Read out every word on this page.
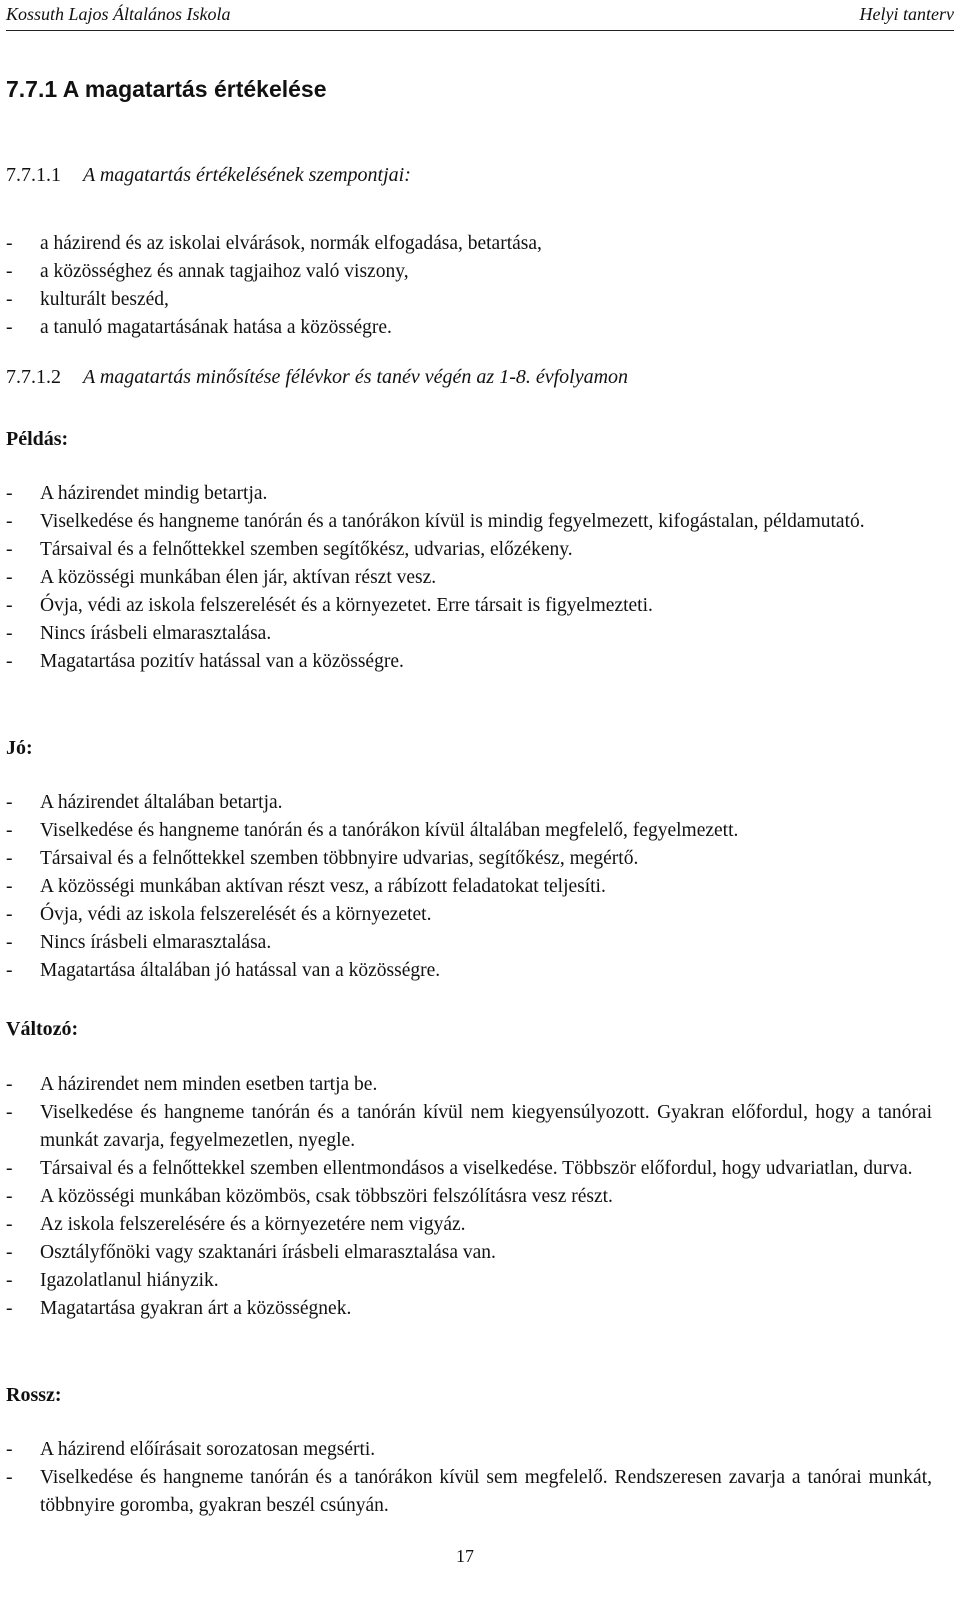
Kossuth Lajos Általános Iskola	Helyi tanterv
7.7.1 A magatartás értékelése
7.7.1.1 A magatartás értékelésének szempontjai:
- a házirend és az iskolai elvárások, normák elfogadása, betartása,
- a közösséghez és annak tagjaihoz való viszony,
- kulturált beszéd,
- a tanuló magatartásának hatása a közösségre.
7.7.1.2 A magatartás minősítése félévkor és tanév végén az 1-8. évfolyamon
Példás:
- A házirendet mindig betartja.
- Viselkedése és hangneme tanórán és a tanórákon kívül is mindig fegyelmezett, kifogástalan, példamutató.
- Társaival és a felnőttekkel szemben segítőkész, udvarias, előzékeny.
- A közösségi munkában élen jár, aktívan részt vesz.
- Óvja, védi az iskola felszerelését és a környezetet. Erre társait is figyelmezteti.
- Nincs írásbeli elmarasztalása.
- Magatartása pozitív hatással van a közösségre.
Jó:
- A házirendet általában betartja.
- Viselkedése és hangneme tanórán és a tanórákon kívül általában megfelelő, fegyelmezett.
- Társaival és a felnőttekkel szemben többnyire udvarias, segítőkész, megértő.
- A közösségi munkában aktívan részt vesz, a rábízott feladatokat teljesíti.
- Óvja, védi az iskola felszerelését és a környezetet.
- Nincs írásbeli elmarasztalása.
- Magatartása általában jó hatással van a közösségre.
Változó:
- A házirendet nem minden esetben tartja be.
- Viselkedése és hangneme tanórán és a tanórán kívül nem kiegyensúlyozott. Gyakran előfordul, hogy a tanórai munkát zavarja, fegyelmezetlen, nyegle.
- Társaival és a felnőttekkel szemben ellentmondásos a viselkedése. Többször előfordul, hogy udvariatlan, durva.
- A közösségi munkában közömbös, csak többszöri felszólításra vesz részt.
- Az iskola felszerelésére és a környezetére nem vigyáz.
- Osztályfőnöki vagy szaktanári írásbeli elmarasztalása van.
- Igazolatlanul hiányzik.
- Magatartása gyakran árt a közösségnek.
Rossz:
- A házirend előírásait sorozatosan megsérti.
- Viselkedése és hangneme tanórán és a tanórákon kívül sem megfelelő. Rendszeresen zavarja a tanórai munkát, többnyire goromba, gyakran beszél csúnyán.
17
